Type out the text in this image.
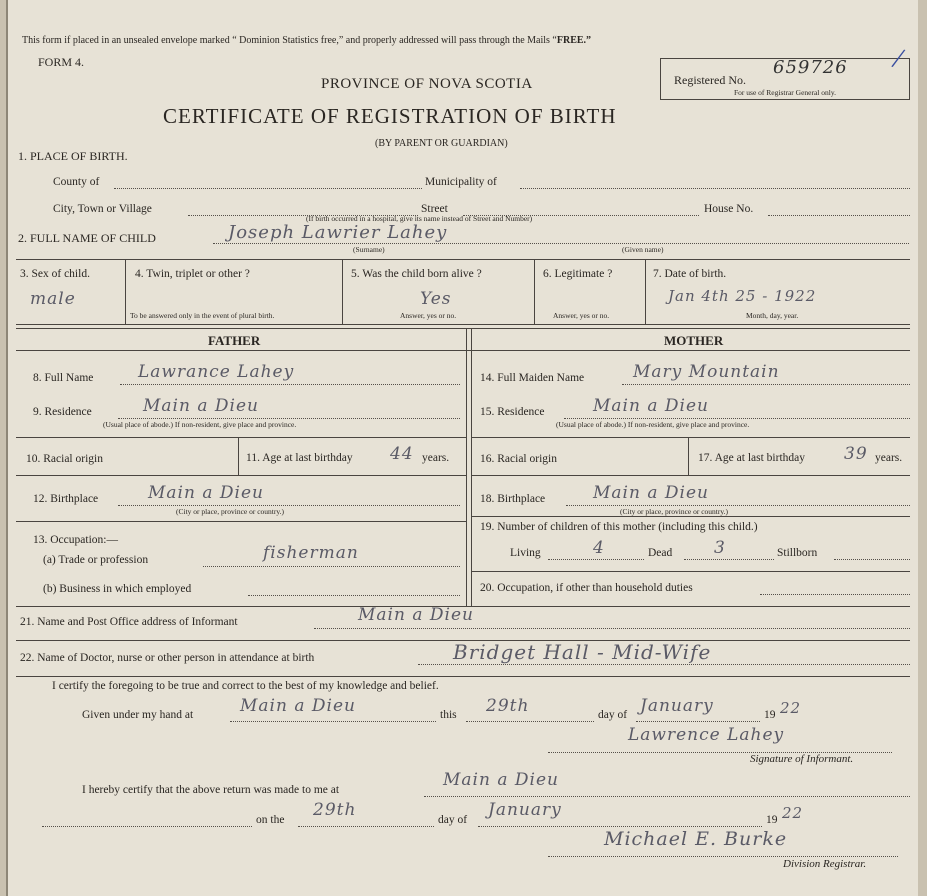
This form if placed in an unsealed envelope marked “ Dominion Statistics free,” and properly addressed will pass through the Mails “FREE.”
FORM 4.
PROVINCE OF NOVA SCOTIA
CERTIFICATE OF REGISTRATION OF BIRTH
(BY PARENT OR GUARDIAN)
Registered No.
659726
For use of Registrar General only.
/
1. PLACE OF BIRTH.
County of	Municipality of
City, Town or Village	Street	House No.
(If birth occurred in a hospital, give its name instead of Street and Number)
2. FULL NAME OF CHILD	Joseph Lawrier Lahey
(Surname)	(Given name)
3. Sex of child.
male
4. Twin, triplet or other ?
To be answered only in the event of plural birth.
5. Was the child born alive ?
Yes
Answer, yes or no.
6. Legitimate ?
Answer, yes or no.
7. Date of birth.
Jan 4th 25 - 1922
Month, day, year.
FATHER	MOTHER
8. Full Name	Lawrance Lahey
9. Residence	Main a Dieu
(Usual place of abode.) If non-resident, give place and province.
10. Racial origin	11. Age at last birthday 44 years.
12. Birthplace	Main a Dieu
(City or place, province or country.)
13. Occupation:—
(a) Trade or profession	fisherman
(b) Business in which employed
14. Full Maiden Name	Mary Mountain
15. Residence	Main a Dieu
(Usual place of abode.) If non-resident, give place and province.
16. Racial origin	17. Age at last birthday 39 years.
18. Birthplace	Main a Dieu
(City or place, province or country.)
19. Number of children of this mother (including this child.)
Living	4	Dead 3	Stillborn
20. Occupation, if other than household duties
21. Name and Post Office address of Informant	Main a Dieu
22. Name of Doctor, nurse or other person in attendance at birth	Bridget Hall - Mid-Wife
I certify the foregoing to be true and correct to the best of my knowledge and belief.
Given under my hand at	Main a Dieu	this 29th	day of January	19 22
Lawrence Lahey
Signature of Informant.
I hereby certify that the above return was made to me at	Main a Dieu
on the 29th	day of January	19 22
Michael E. Burke
Division Registrar.
